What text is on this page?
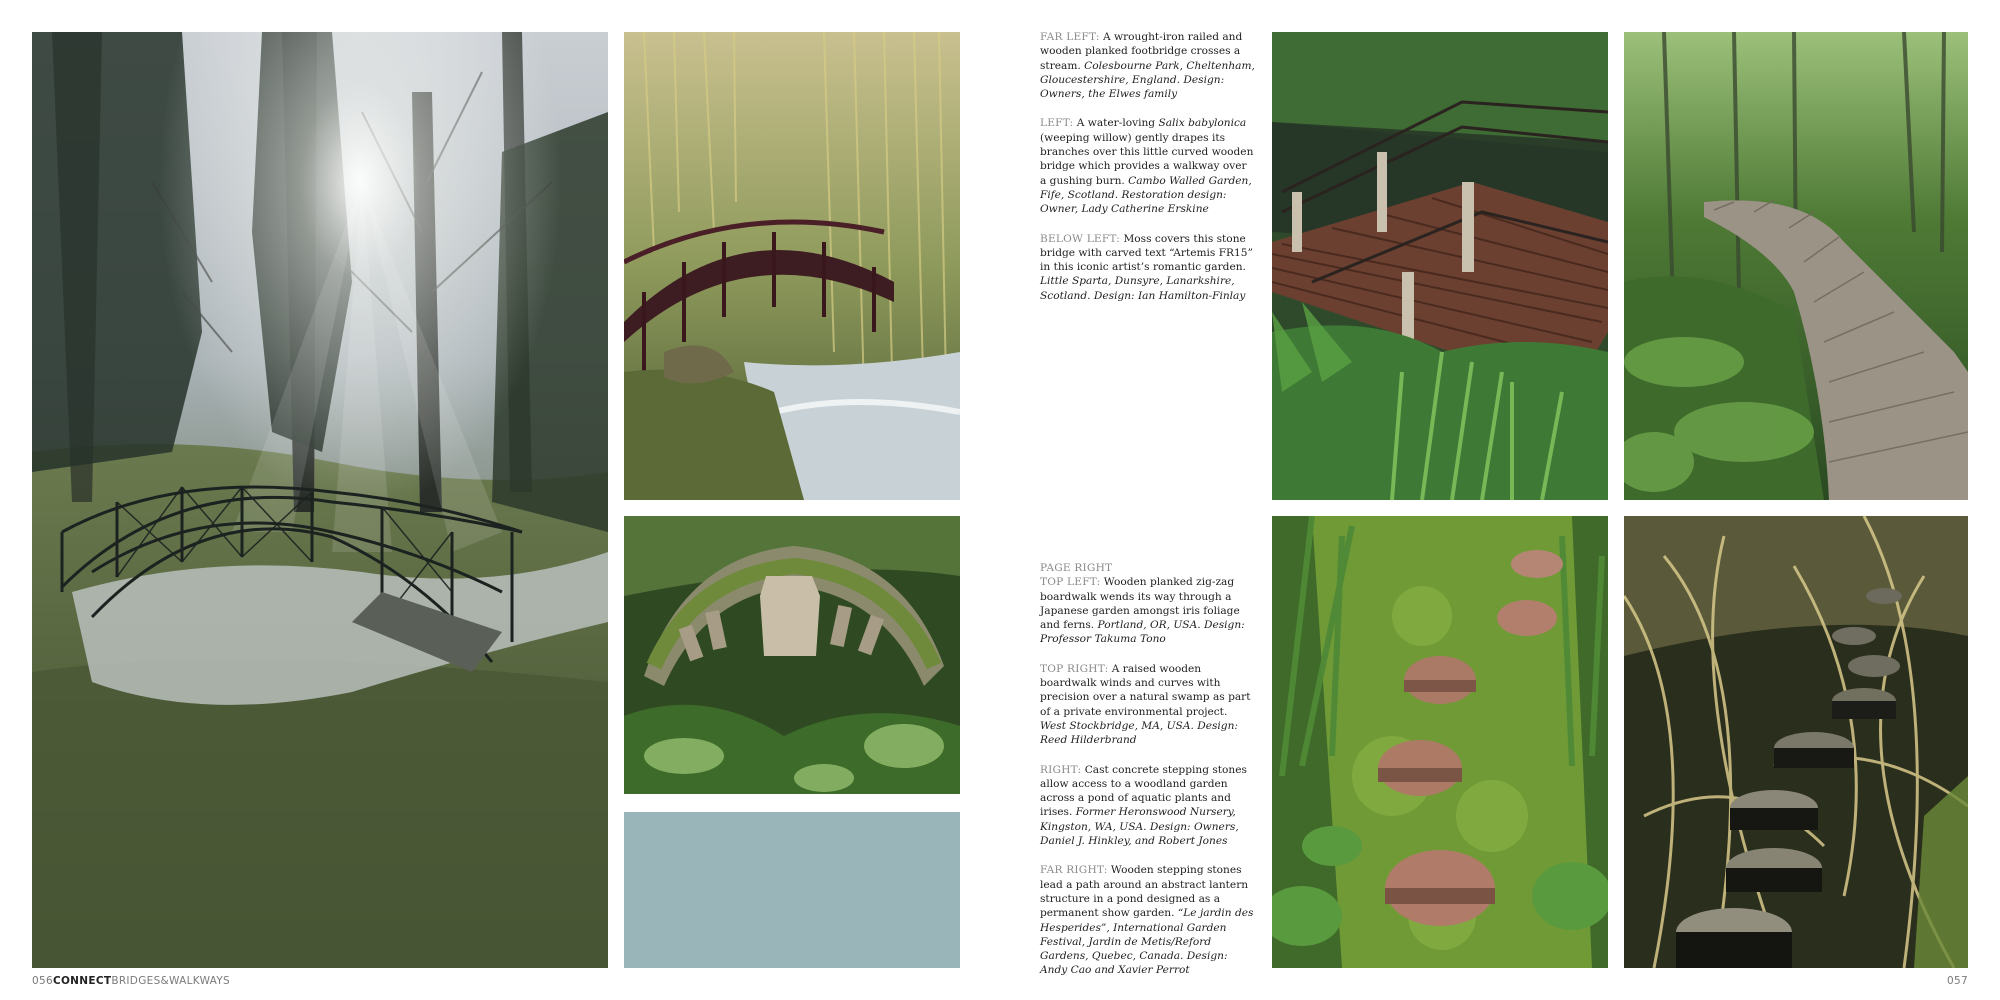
FAR LEFT: A wrought-iron railed and wooden planked footbridge crosses a stream. Colesbourne Park, Cheltenham, Gloucestershire, England. Design: Owners, the Elwes family

LEFT: A water-loving Salix babylonica (weeping willow) gently drapes its branches over this little curved wooden bridge which provides a walkway over a gushing burn. Cambo Walled Garden, Fife, Scotland. Restoration design: Owner, Lady Catherine Erskine

BELOW LEFT: Moss covers this stone bridge with carved text “Artemis FR15” in this iconic artist’s romantic garden. Little Sparta, Dunsyre, Lanarkshire, Scotland. Design: Ian Hamilton-Finlay

PAGE RIGHT

TOP LEFT: Wooden planked zig-zag boardwalk wends its way through a Japanese garden amongst iris foliage and ferns. Portland, OR, USA. Design: Professor Takuma Tono

TOP RIGHT: A raised wooden boardwalk winds and curves with precision over a natural swamp as part of a private environmental project. West Stockbridge, MA, USA. Design: Reed Hilderbrand

RIGHT: Cast concrete stepping stones allow access to a woodland garden across a pond of aquatic plants and irises. Former Heronswood Nursery, Kingston, WA, USA. Design: Owners, Daniel J. Hinkley, and Robert Jones

FAR RIGHT: Wooden stepping stones lead a path around an abstract lantern structure in a pond designed as a permanent show garden. “Le jardin des Hesperides”, International Garden Festival, Jardin de Metis/Reford Gardens, Quebec, Canada. Design: Andy Cao and Xavier Perrot

056CONNECTBRIDGES&WALKWAYS	057
